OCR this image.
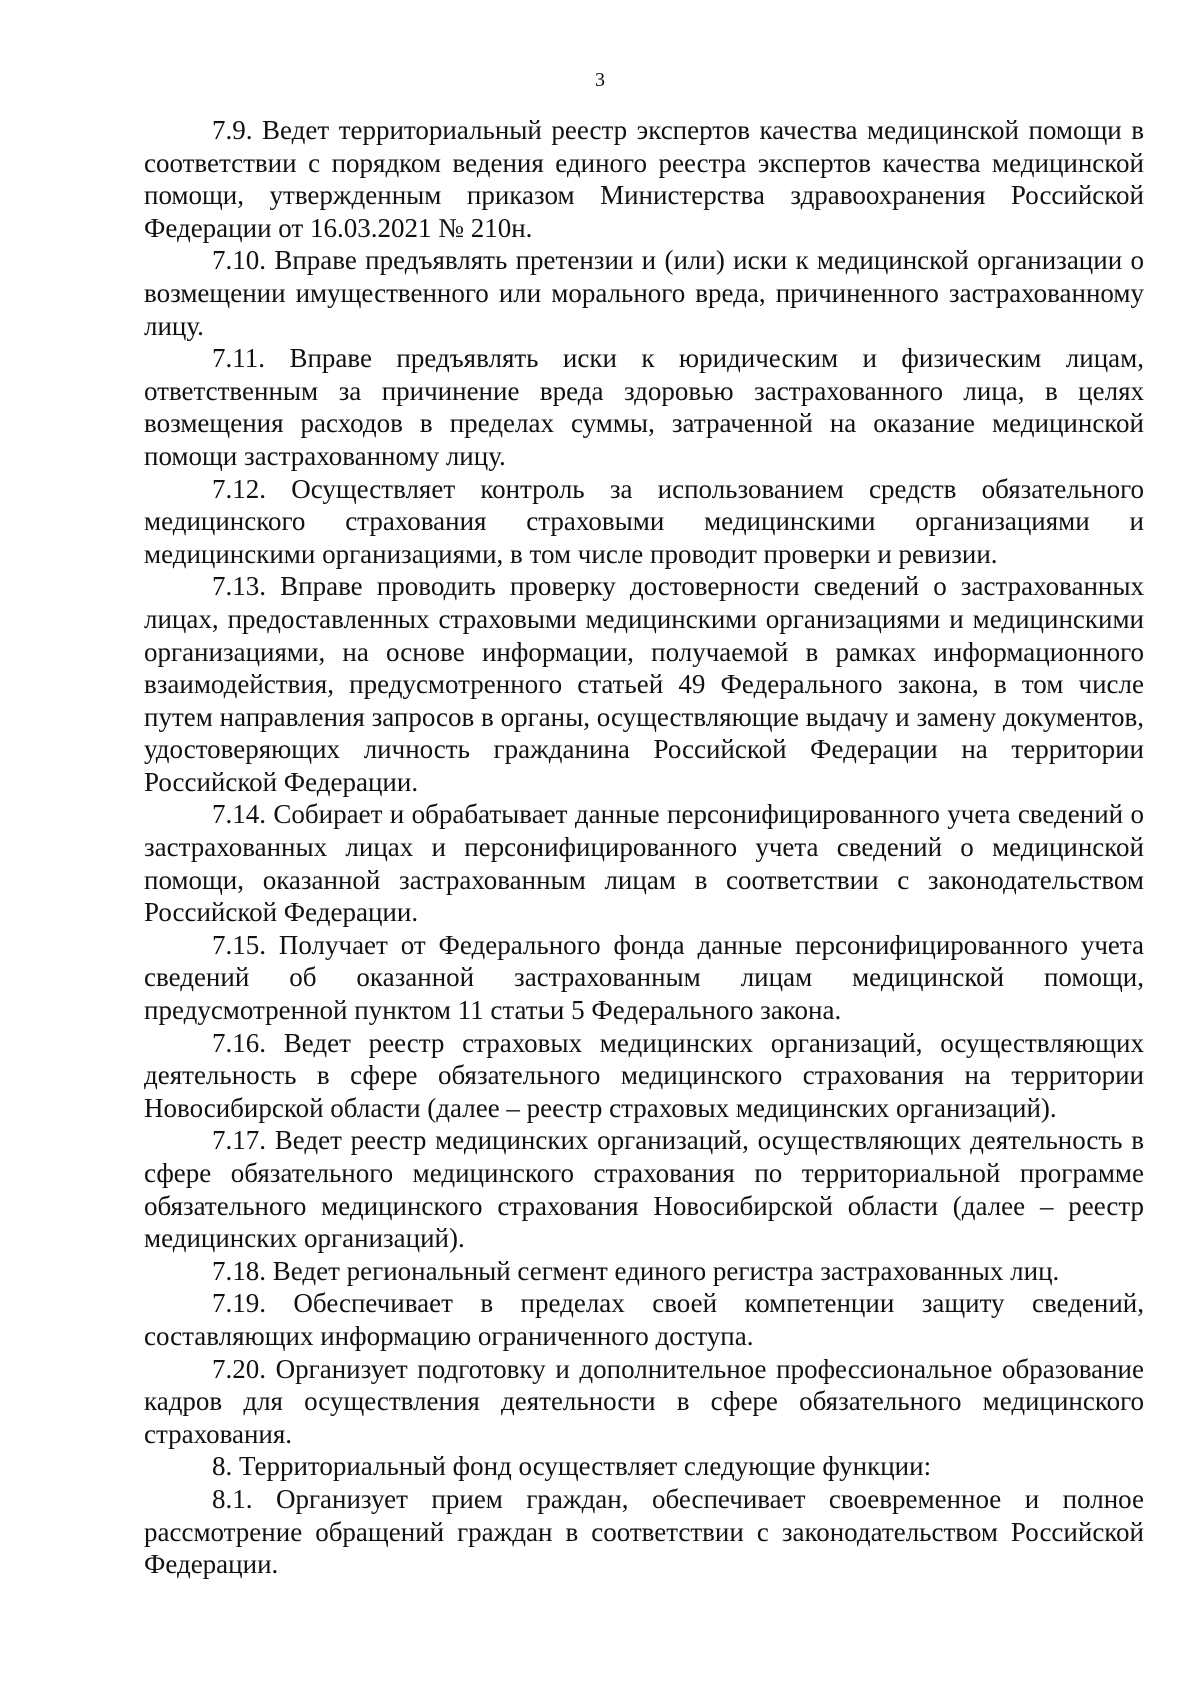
3

7.9. Ведет территориальный реестр экспертов качества медицинской помощи в соответствии с порядком ведения единого реестра экспертов качества медицинской помощи, утвержденным приказом Министерства здравоохранения Российской Федерации от 16.03.2021 № 210н.

7.10. Вправе предъявлять претензии и (или) иски к медицинской организации о возмещении имущественного или морального вреда, причиненного застрахованному лицу.

7.11. Вправе предъявлять иски к юридическим и физическим лицам, ответственным за причинение вреда здоровью застрахованного лица, в целях возмещения расходов в пределах суммы, затраченной на оказание медицинской помощи застрахованному лицу.

7.12. Осуществляет контроль за использованием средств обязательного медицинского страхования страховыми медицинскими организациями и медицинскими организациями, в том числе проводит проверки и ревизии.

7.13. Вправе проводить проверку достоверности сведений о застрахованных лицах, предоставленных страховыми медицинскими организациями и медицинскими организациями, на основе информации, получаемой в рамках информационного взаимодействия, предусмотренного статьей 49 Федерального закона, в том числе путем направления запросов в органы, осуществляющие выдачу и замену документов, удостоверяющих личность гражданина Российской Федерации на территории Российской Федерации.

7.14. Собирает и обрабатывает данные персонифицированного учета сведений о застрахованных лицах и персонифицированного учета сведений о медицинской помощи, оказанной застрахованным лицам в соответствии с законодательством Российской Федерации.

7.15. Получает от Федерального фонда данные персонифицированного учета сведений об оказанной застрахованным лицам медицинской помощи, предусмотренной пунктом 11 статьи 5 Федерального закона.

7.16. Ведет реестр страховых медицинских организаций, осуществляющих деятельность в сфере обязательного медицинского страхования на территории Новосибирской области (далее – реестр страховых медицинских организаций).

7.17. Ведет реестр медицинских организаций, осуществляющих деятельность в сфере обязательного медицинского страхования по территориальной программе обязательного медицинского страхования Новосибирской области (далее – реестр медицинских организаций).

7.18. Ведет региональный сегмент единого регистра застрахованных лиц.

7.19. Обеспечивает в пределах своей компетенции защиту сведений, составляющих информацию ограниченного доступа.

7.20. Организует подготовку и дополнительное профессиональное образование кадров для осуществления деятельности в сфере обязательного медицинского страхования.

8. Территориальный фонд осуществляет следующие функции:

8.1. Организует прием граждан, обеспечивает своевременное и полное рассмотрение обращений граждан в соответствии с законодательством Российской Федерации.
